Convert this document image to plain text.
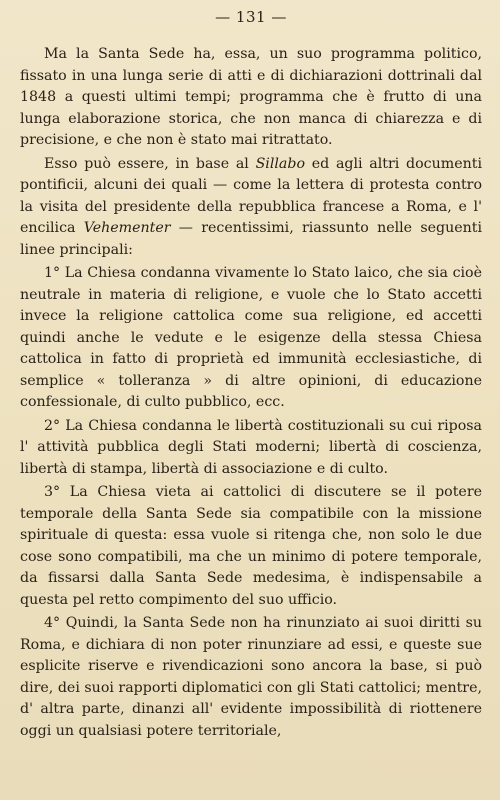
— 131 —

Ma la Santa Sede ha, essa, un suo programma politico, fissato in una lunga serie di atti e di dichiarazioni dottrinali dal 1848 a questi ultimi tempi; programma che è frutto di una lunga elaborazione storica, che non manca di chiarezza e di precisione, e che non è stato mai ritrattato.

Esso può essere, in base al Sillabo ed agli altri documenti pontificii, alcuni dei quali — come la lettera di protesta contro la visita del presidente della repubblica francese a Roma, e l' encilica Vehementer — recentissimi, riassunto nelle seguenti linee principali:

1° La Chiesa condanna vivamente lo Stato laico, che sia cioè neutrale in materia di religione, e vuole che lo Stato accetti invece la religione cattolica come sua religione, ed accetti quindi anche le vedute e le esigenze della stessa Chiesa cattolica in fatto di proprietà ed immunità ecclesiastiche, di semplice « tolleranza » di altre opinioni, di educazione confessionale, di culto pubblico, ecc.

2° La Chiesa condanna le libertà costituzionali su cui riposa l' attività pubblica degli Stati moderni; libertà di coscienza, libertà di stampa, libertà di associazione e di culto.

3° La Chiesa vieta ai cattolici di discutere se il potere temporale della Santa Sede sia compatibile con la missione spirituale di questa: essa vuole si ritenga che, non solo le due cose sono compatibili, ma che un minimo di potere temporale, da fissarsi dalla Santa Sede medesima, è indispensabile a questa pel retto compimento del suo ufficio.

4° Quindi, la Santa Sede non ha rinunziato ai suoi diritti su Roma, e dichiara di non poter rinunziare ad essi, e queste sue esplicite riserve e rivendicazioni sono ancora la base, si può dire, dei suoi rapporti diplomatici con gli Stati cattolici; mentre, d' altra parte, dinanzi all' evidente impossibilità di riottenere oggi un qualsiasi potere territoriale,
